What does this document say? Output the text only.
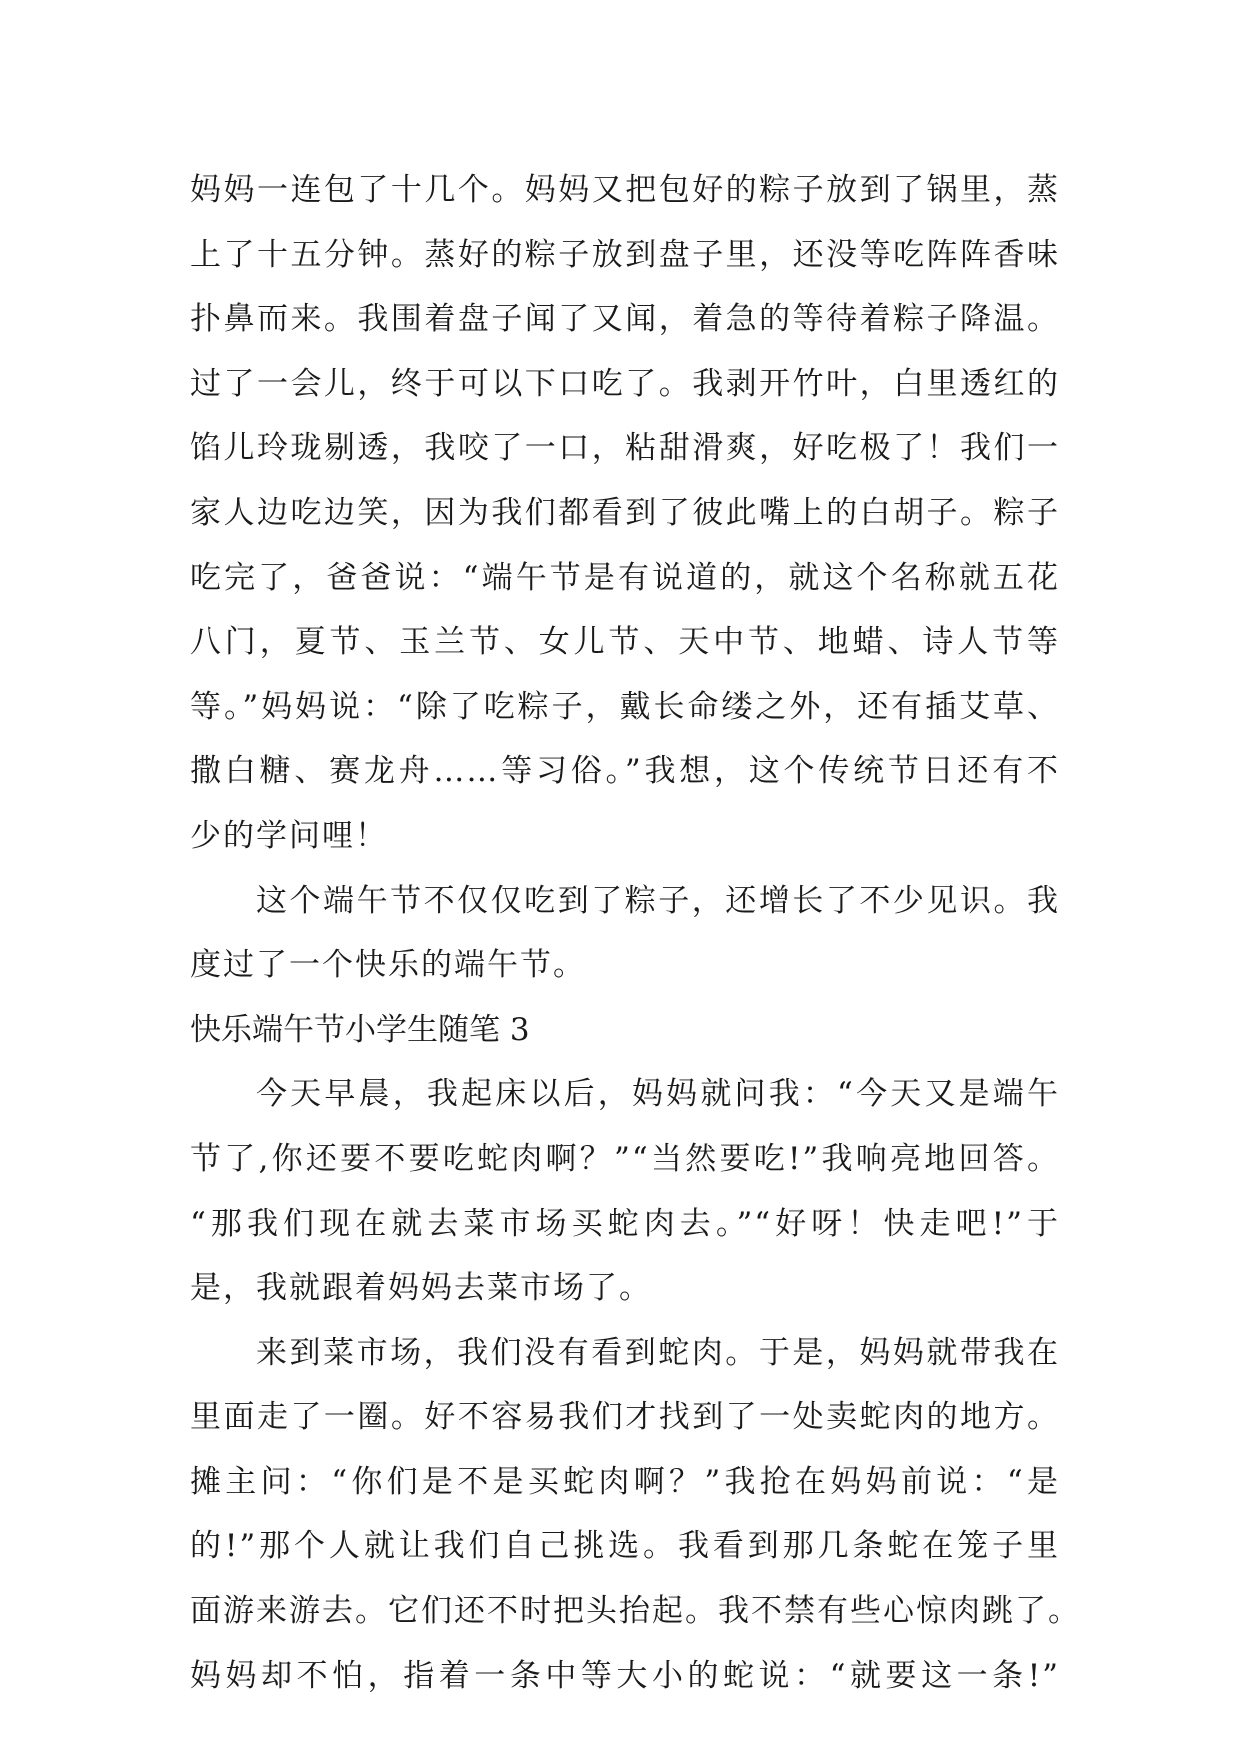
妈妈一连包了十几个。妈妈又把包好的粽子放到了锅里，蒸
上了十五分钟。蒸好的粽子放到盘子里，还没等吃阵阵香味
扑鼻而来。我围着盘子闻了又闻，着急的等待着粽子降温。
过了一会儿，终于可以下口吃了。我剥开竹叶，白里透红的
馅儿玲珑剔透，我咬了一口，粘甜滑爽，好吃极了！我们一
家人边吃边笑，因为我们都看到了彼此嘴上的白胡子。粽子
吃完了，爸爸说：“端午节是有说道的，就这个名称就五花
八门，夏节、玉兰节、女儿节、天中节、地蜡、诗人节等
等。”妈妈说：“除了吃粽子，戴长命缕之外，还有插艾草、
撒白糖、赛龙舟……等习俗。”我想，这个传统节日还有不
少的学问哩！
这个端午节不仅仅吃到了粽子，还增长了不少见识。我
度过了一个快乐的端午节。
快乐端午节小学生随笔 3
今天早晨，我起床以后，妈妈就问我：“今天又是端午
节了,你还要不要吃蛇肉啊？”“当然要吃!”我响亮地回答。
“那我们现在就去菜市场买蛇肉去。”“好呀！快走吧!”于
是，我就跟着妈妈去菜市场了。
来到菜市场，我们没有看到蛇肉。于是，妈妈就带我在
里面走了一圈。好不容易我们才找到了一处卖蛇肉的地方。
摊主问：“你们是不是买蛇肉啊？”我抢在妈妈前说：“是
的!”那个人就让我们自己挑选。我看到那几条蛇在笼子里
面游来游去。它们还不时把头抬起。我不禁有些心惊肉跳了。
妈妈却不怕，指着一条中等大小的蛇说：“就要这一条!”
